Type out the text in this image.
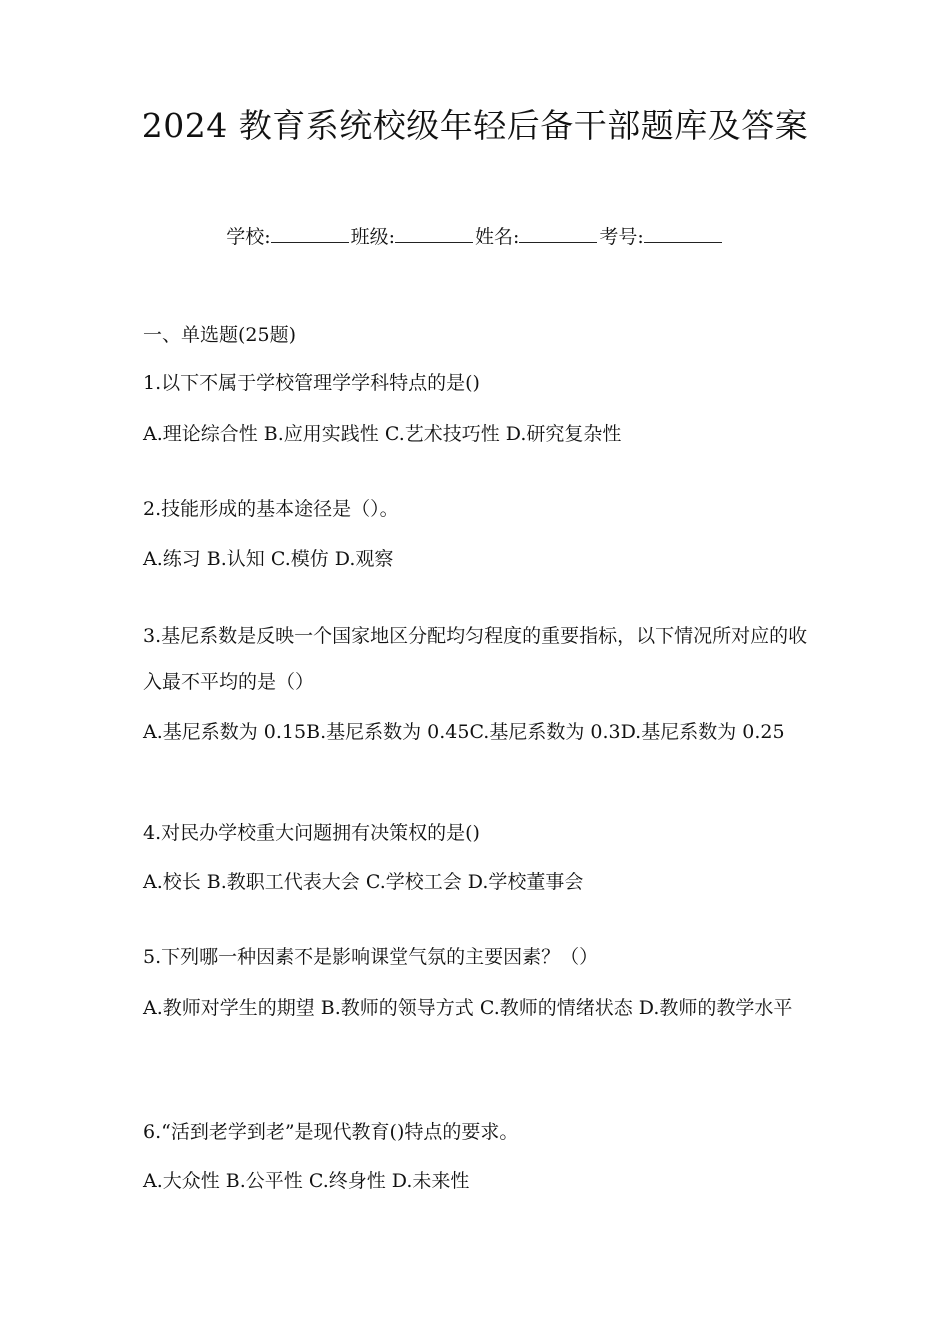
2024 教育系统校级年轻后备干部题库及答案
学校:	班级:	姓名:	考号:
一、单选题(25题)
1.以下不属于学校管理学学科特点的是()
A.理论综合性 B.应用实践性 C.艺术技巧性 D.研究复杂性
2.技能形成的基本途径是（）。
A.练习 B.认知 C.模仿 D.观察
3.基尼系数是反映一个国家地区分配均匀程度的重要指标，以下情况所对应的收入最不平均的是（）
A.基尼系数为 0.15B.基尼系数为 0.45C.基尼系数为 0.3D.基尼系数为 0.25
4.对民办学校重大问题拥有决策权的是()
A.校长 B.教职工代表大会 C.学校工会 D.学校董事会
5.下列哪一种因素不是影响课堂气氛的主要因素？（）
A.教师对学生的期望 B.教师的领导方式 C.教师的情绪状态 D.教师的教学水平
6.“活到老学到老”是现代教育()特点的要求。
A.大众性 B.公平性 C.终身性 D.未来性
